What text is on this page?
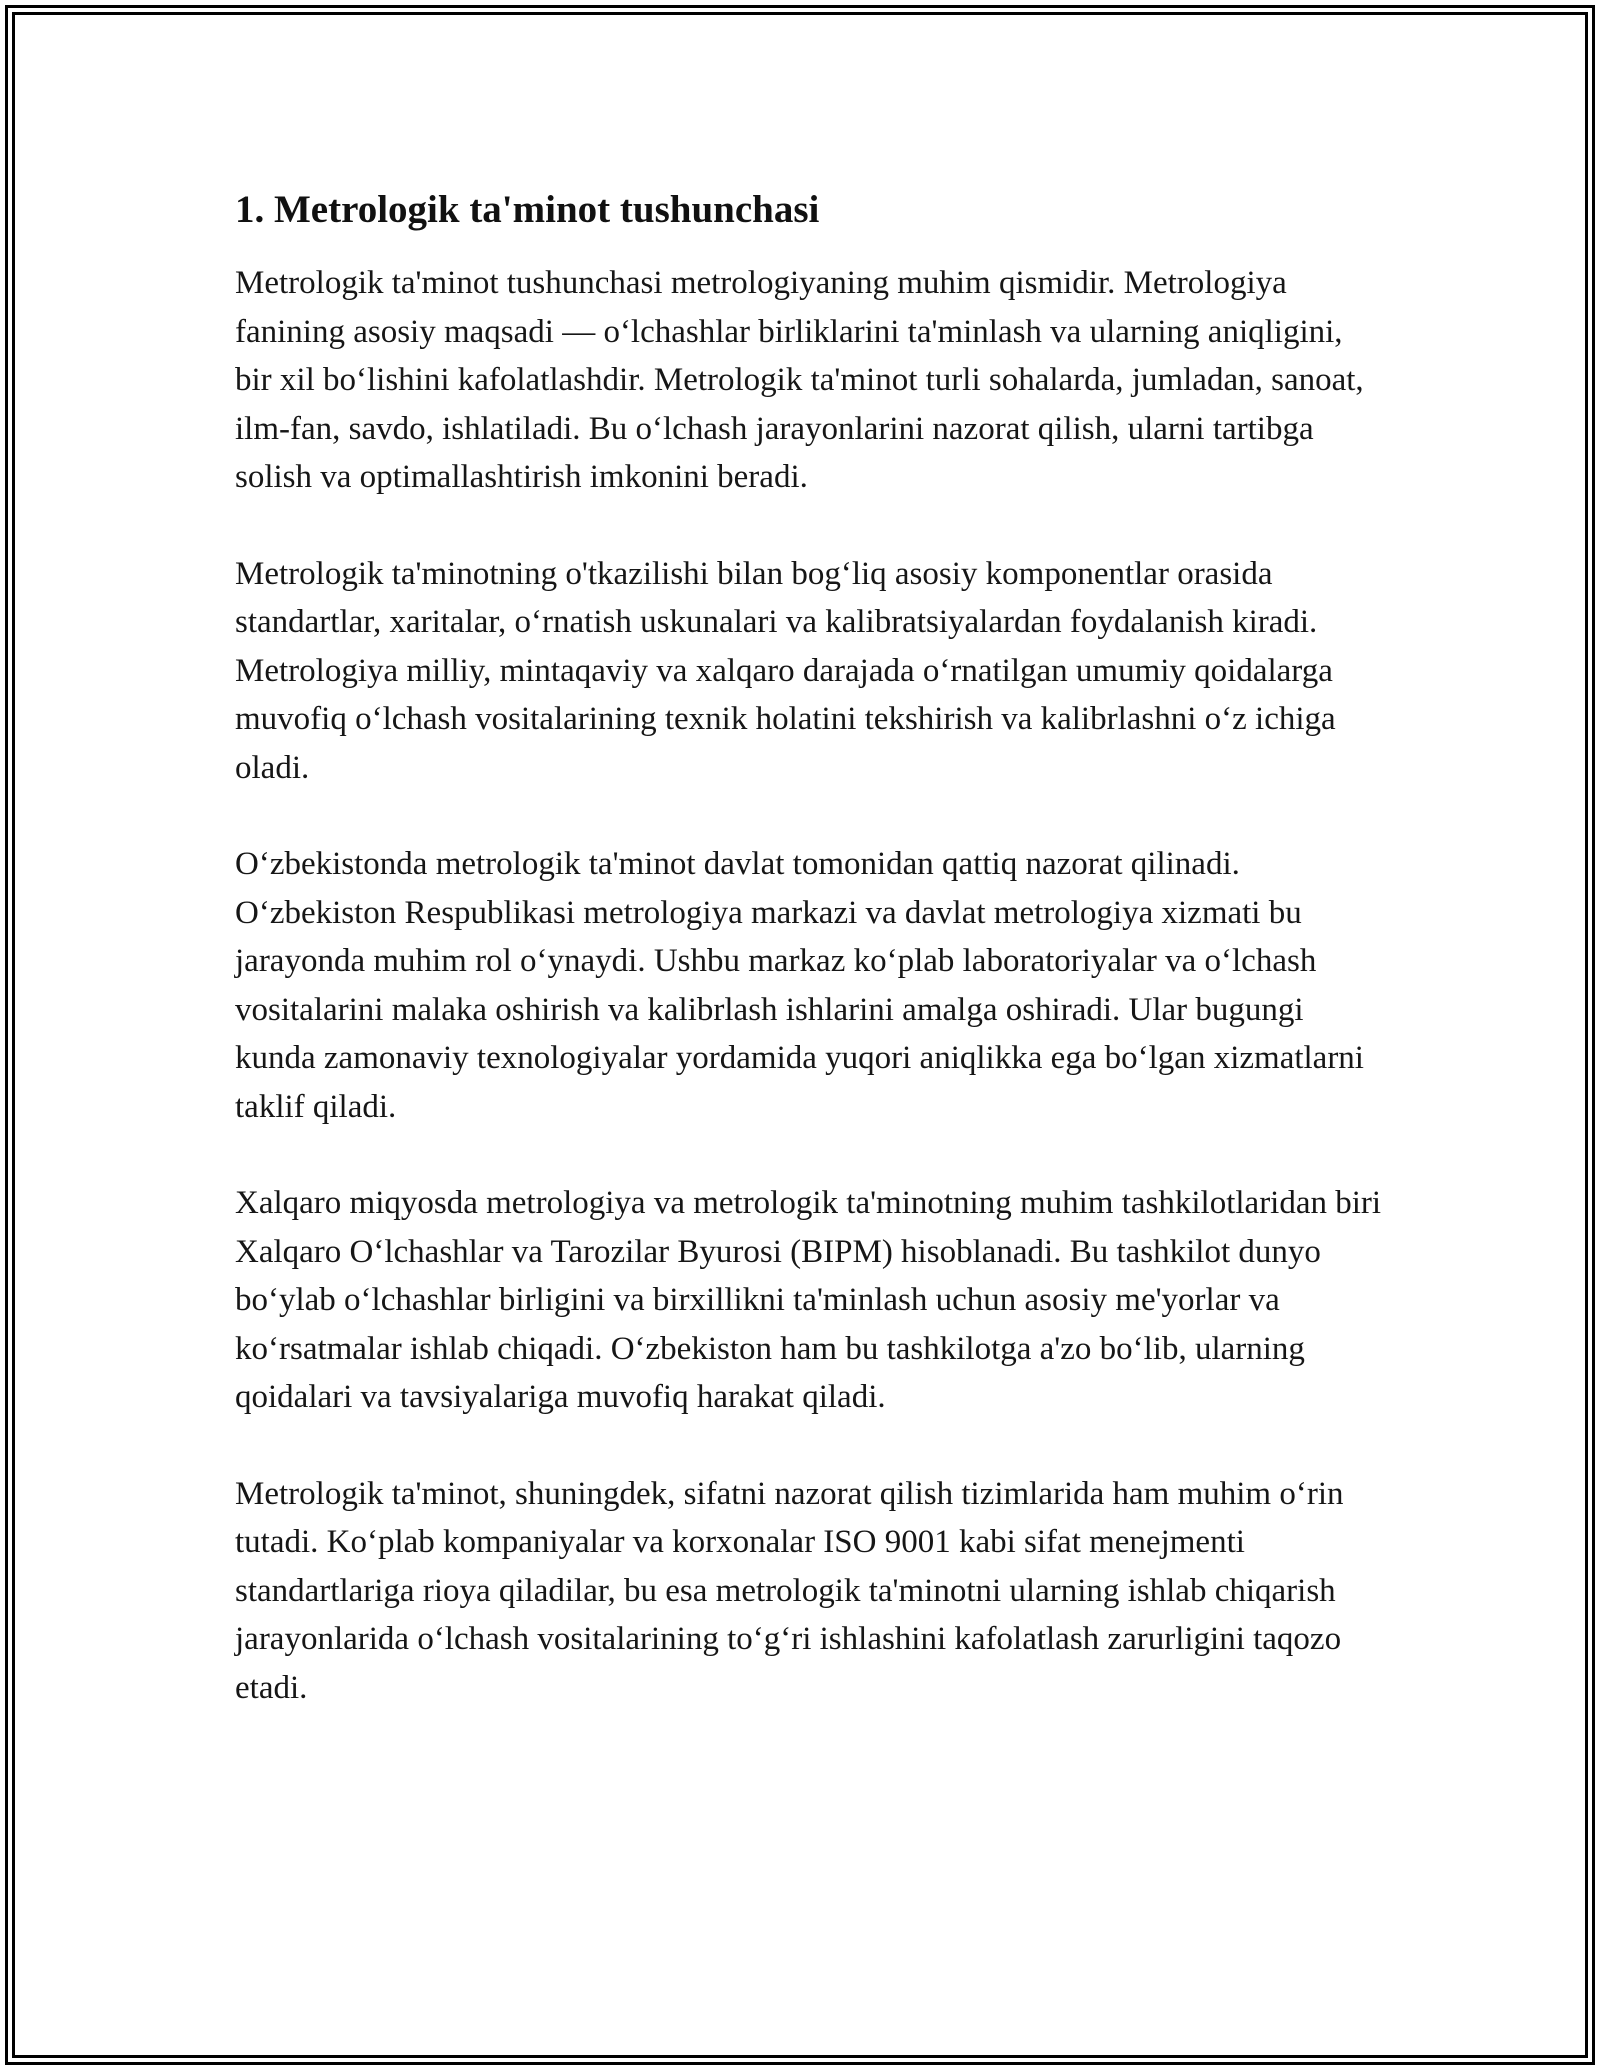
1. Metrologik ta'minot tushunchasi

Metrologik ta'minot tushunchasi metrologiyaning muhim qismidir. Metrologiya fanining asosiy maqsadi — o‘lchashlar birliklarini ta'minlash va ularning aniqligini, bir xil bo‘lishini kafolatlashdir. Metrologik ta'minot turli sohalarda, jumladan, sanoat, ilm-fan, savdo, ishlatiladi. Bu o‘lchash jarayonlarini nazorat qilish, ularni tartibga solish va optimallashtirish imkonini beradi.

Metrologik ta'minotning o'tkazilishi bilan bog‘liq asosiy komponentlar orasida standartlar, xaritalar, o‘rnatish uskunalari va kalibratsiyalardan foydalanish kiradi. Metrologiya milliy, mintaqaviy va xalqaro darajada o‘rnatilgan umumiy qoidalarga muvofiq o‘lchash vositalarining texnik holatini tekshirish va kalibrlashni o‘z ichiga oladi.

O‘zbekistonda metrologik ta'minot davlat tomonidan qattiq nazorat qilinadi. O‘zbekiston Respublikasi metrologiya markazi va davlat metrologiya xizmati bu jarayonda muhim rol o‘ynaydi. Ushbu markaz ko‘plab laboratoriyalar va o‘lchash vositalarini malaka oshirish va kalibrlash ishlarini amalga oshiradi. Ular bugungi kunda zamonaviy texnologiyalar yordamida yuqori aniqlikka ega bo‘lgan xizmatlarni taklif qiladi.

Xalqaro miqyosda metrologiya va metrologik ta'minotning muhim tashkilotlaridan biri Xalqaro O‘lchashlar va Tarozilar Byurosi (BIPM) hisoblanadi. Bu tashkilot dunyo bo‘ylab o‘lchashlar birligini va birxillikni ta'minlash uchun asosiy me'yorlar va ko‘rsatmalar ishlab chiqadi. O‘zbekiston ham bu tashkilotga a'zo bo‘lib, ularning qoidalari va tavsiyalariga muvofiq harakat qiladi.

Metrologik ta'minot, shuningdek, sifatni nazorat qilish tizimlarida ham muhim o‘rin tutadi. Ko‘plab kompaniyalar va korxonalar ISO 9001 kabi sifat menejmenti standartlariga rioya qiladilar, bu esa metrologik ta'minotni ularning ishlab chiqarish jarayonlarida o‘lchash vositalarining to‘g‘ri ishlashini kafolatlash zarurligini taqozo etadi.
